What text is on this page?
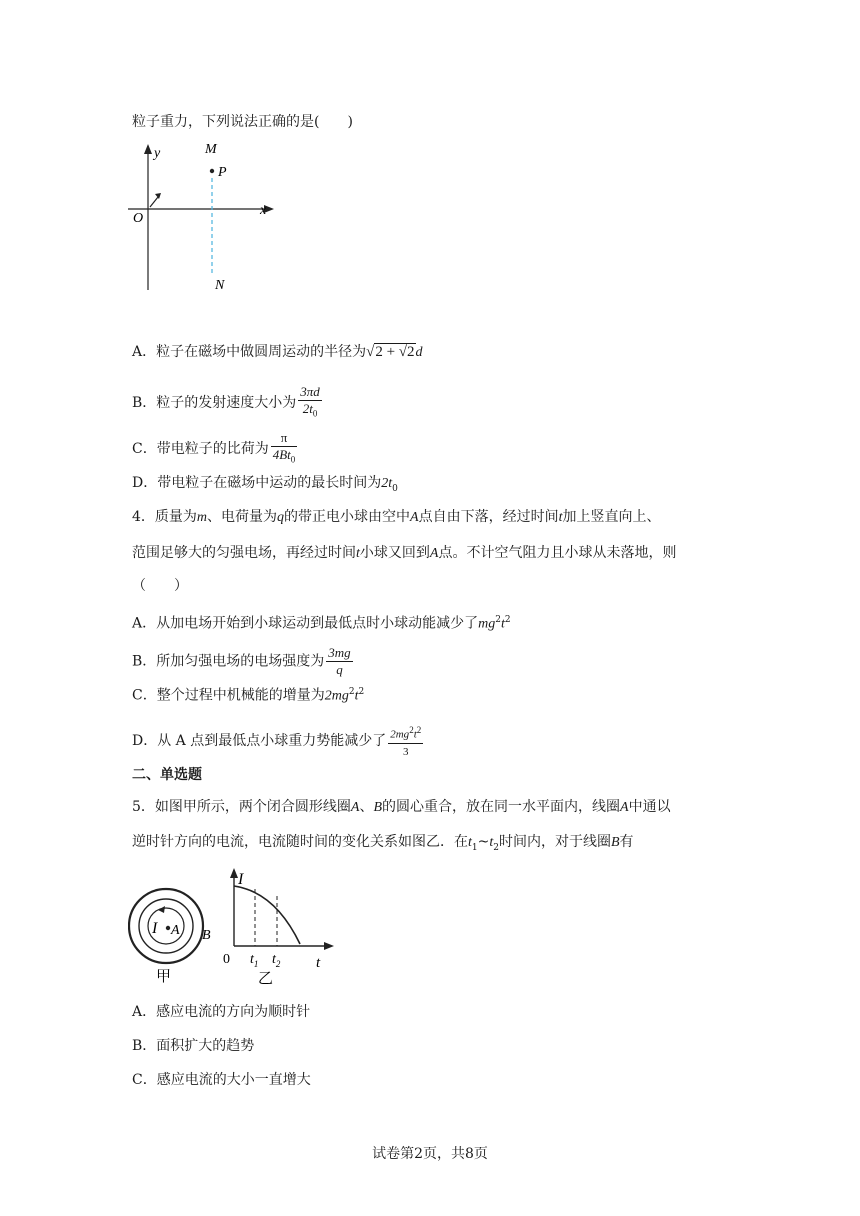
粒子重力，下列说法正确的是(　　)
y
x
O
M
P
N
A．粒子在磁场中做圆周运动的半径为√2 + √2d
B．粒子的发射速度大小为 $\frac{3\pi d}{2t_0}$
C．带电粒子的比荷为 $\frac{\pi}{4Bt_0}$
D．带电粒子在磁场中运动的最长时间为$2t_0$
4．质量为m、电荷量为q的带正电小球由空中A点自由下落，经过时间t加上竖直向上、
范围足够大的匀强电场，再经过时间t小球又回到A点。不计空气阻力且小球从未落地，则
（　　）
A．从加电场开始到小球运动到最低点时小球动能减少了$mg^2t^2$
B．所加匀强电场的电场强度为 $\frac{3mg}{q}$
C．整个过程中机械能的增量为$2mg^2t^2$
D．从 A 点到最低点小球重力势能减少了 $\frac{2mg^2t^2}{3}$
二、单选题
5．如图甲所示，两个闭合圆形线圈A、B的圆心重合，放在同一水平面内，线圈A中通以
逆时针方向的电流，电流随时间的变化关系如图乙．在$t_1\sim t_2$时间内，对于线圈B有
I A B
甲
I
0 $t_1$ $t_2$ t
乙
A．感应电流的方向为顺时针
B．面积扩大的趋势
C．感应电流的大小一直增大
试卷第2页，共8页
